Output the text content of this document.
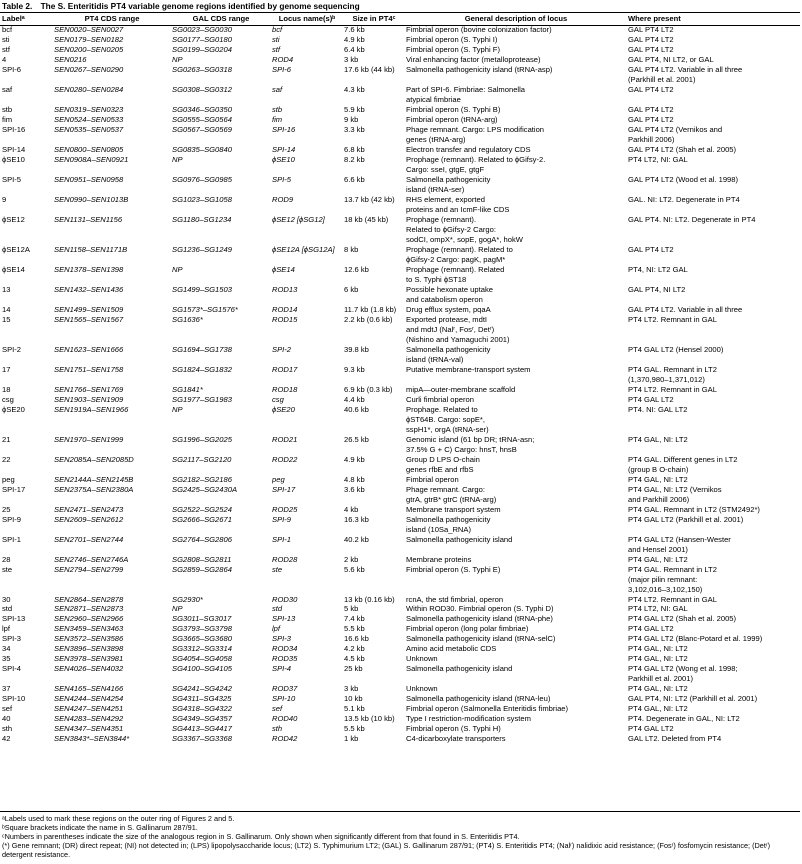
Table 2. The S. Enteritidis PT4 variable genome regions identified by genome sequencing
Labelᵃ	PT4 CDS range	GAL CDS range	Locus name(s)ᵇ	Size in PT4ᶜ	General description of locus	Where present
bcf	SEN0020–SEN0027	SG0023–SG0030	bcf	7.6 kb	Fimbrial operon (bovine colonization factor)	GAL PT4 LT2
sti	SEN0179–SEN0182	SG0177–SG0180	sti	4.9 kb	Fimbrial operon (S. Typhi I)	GAL PT4 LT2
stf	SEN0200–SEN0205	SG0199–SG0204	stf	6.4 kb	Fimbrial operon (S. Typhi F)	GAL PT4 LT2
4	SEN0216	NP	ROD4	3 kb	Viral enhancing factor (metalloprotease)	GAL PT4, NI LT2, or GAL
SPI-6	SEN0267–SEN0290	SG0263–SG0318	SPI-6	17.6 kb (44 kb)	Salmonella pathogenicity island (tRNA-asp)	GAL PT4 LT2. Variable in all three
						(Parkhill et al. 2001)
saf	SEN0280–SEN0284	SG0308–SG0312	saf	4.3 kb	Part of SPI-6. Fimbriae: Salmonella	GAL PT4 LT2
					atypical fimbriae	
stb	SEN0319–SEN0323	SG0346–SG0350	stb	5.9 kb	Fimbrial operon (S. Typhi B)	GAL PT4 LT2
fim	SEN0524–SEN0533	SG0555–SG0564	fim	9 kb	Fimbrial operon (tRNA-arg)	GAL PT4 LT2
SPI-16	SEN0535–SEN0537	SG0567–SG0569	SPI-16	3.3 kb	Phage remnant. Cargo: LPS modification	GAL PT4 LT2 (Vernikos and
					genes (tRNA-arg)	Parkhill 2006)
SPI-14	SEN0800–SEN0805	SG0835–SG0840	SPI-14	6.8 kb	Electron transfer and regulatory CDS	GAL PT4 LT2 (Shah et al. 2005)
ϕSE10	SEN0908A–SEN0921	NP	ϕSE10	8.2 kb	Prophage (remnant). Related to ϕGifsy-2.	PT4 LT2, NI: GAL
					Cargo: sseI, gtgE, gtgF	
SPI-5	SEN0951–SEN0958	SG0976–SG0985	SPI-5	6.6 kb	Salmonella pathogenicity	GAL PT4 LT2 (Wood et al. 1998)
					island (tRNA-ser)	
9	SEN0990–SEN1013B	SG1023–SG1058	ROD9	13.7 kb (42 kb)	RHS element, exported	GAL. NI: LT2. Degenerate in PT4
					proteins and an IcmF-like CDS	
ϕSE12	SEN1131–SEN1156	SG1180–SG1234	ϕSE12 [ϕSG12]	18 kb (45 kb)	Prophage (remnant).	GAL PT4. NI: LT2. Degenerate in PT4
					Related to ϕGifsy-2 Cargo:	
					sodCI, ompX*, sopE, gogA*, hokW	
ϕSE12A	SEN1158–SEN1171B	SG1236–SG1249	ϕSE12A [ϕSG12A]	8 kb	Prophage (remnant). Related to	GAL PT4 LT2
					ϕGifsy-2 Cargo: pagK, pagM*	
ϕSE14	SEN1378–SEN1398	NP	ϕSE14	12.6 kb	Prophage (remnant). Related	PT4, NI: LT2 GAL
					to S. Typhi ϕST18	
13	SEN1432–SEN1436	SG1499–SG1503	ROD13	6 kb	Possible hexonate uptake	GAL PT4, NI LT2
					and catabolism operon	
14	SEN1499–SEN1509	SG1573*–SG1576*	ROD14	11.7 kb (1.8 kb)	Drug efflux system, pqaA	GAL PT4 LT2. Variable in all three
15	SEN1565–SEN1567	SG1636*	ROD15	2.2 kb (0.6 kb)	Exported protease, mdtI	PT4 LT2. Remnant in GAL
					and mdtJ (Nalʳ, Fosʳ, Detʳ)	
					(Nishino and Yamaguchi 2001)	
SPI-2	SEN1623–SEN1666	SG1694–SG1738	SPI-2	39.8 kb	Salmonella pathogenicity	PT4 GAL LT2 (Hensel 2000)
					island (tRNA-val)	
17	SEN1751–SEN1758	SG1824–SG1832	ROD17	9.3 kb	Putative membrane-transport system	PT4 GAL. Remnant in LT2
						(1,370,980–1,371,012)
18	SEN1766–SEN1769	SG1841*	ROD18	6.9 kb (0.3 kb)	mipA—outer-membrane scaffold	PT4 LT2. Remnant in GAL
csg	SEN1903–SEN1909	SG1977–SG1983	csg	4.4 kb	Curli fimbrial operon	PT4 GAL LT2
ϕSE20	SEN1919A–SEN1966	NP	ϕSE20	40.6 kb	Prophage. Related to	PT4. NI: GAL LT2
					ϕST64B. Cargo: sopE*,	
					sspH1*, orgA (tRNA-ser)	
21	SEN1970–SEN1999	SG1996–SG2025	ROD21	26.5 kb	Genomic island (61 bp DR; tRNA-asn;	PT4 GAL, NI: LT2
					37.5% G + C) Cargo: hnsT, hnsB	
22	SEN2085A–SEN2085D	SG2117–SG2120	ROD22	4.9 kb	Group D LPS O-chain	PT4 GAL. Different genes in LT2
					genes rfbE and rfbS	(group B O-chain)
peg	SEN2144A–SEN2145B	SG2182–SG2186	peg	4.8 kb	Fimbrial operon	PT4 GAL, NI: LT2
SPI-17	SEN2375A–SEN2380A	SG2425–SG2430A	SPI-17	3.6 kb	Phage remnant. Cargo:	PT4 GAL, NI: LT2 (Vernikos
					gtrA, gtrB* gtrC (tRNA-arg)	and Parkhill 2006)
25	SEN2471–SEN2473	SG2522–SG2524	ROD25	4 kb	Membrane transport system	PT4 GAL. Remnant in LT2 (STM2492*)
SPI-9	SEN2609–SEN2612	SG2666–SG2671	SPI-9	16.3 kb	Salmonella pathogenicity	PT4 GAL LT2 (Parkhill et al. 2001)
					island (10Sa_RNA)	
SPI-1	SEN2701–SEN2744	SG2764–SG2806	SPI-1	40.2 kb	Salmonella pathogenicity island	PT4 GAL LT2 (Hansen-Wester
						and Hensel 2001)
28	SEN2746–SEN2746A	SG2808–SG2811	ROD28	2 kb	Membrane proteins	PT4 GAL, NI: LT2
ste	SEN2794–SEN2799	SG2859–SG2864	ste	5.6 kb	Fimbrial operon (S. Typhi E)	PT4 GAL. Remnant in LT2
						(major pilin remnant:
						3,102,016–3,102,150)
30	SEN2864–SEN2878	SG2930*	ROD30	13 kb (0.16 kb)	rcnA, the std fimbrial, operon	PT4 LT2. Remnant in GAL
std	SEN2871–SEN2873	NP	std	5 kb	Within ROD30. Fimbrial operon (S. Typhi D)	PT4 LT2, NI: GAL
SPI-13	SEN2960–SEN2966	SG3011–SG3017	SPI-13	7.4 kb	Salmonella pathogenicity island (tRNA-phe)	PT4 GAL LT2 (Shah et al. 2005)
lpf	SEN3459–SEN3463	SG3793–SG3798	lpf	5.5 kb	Fimbrial operon (long polar fimbriae)	PT4 GAL LT2
SPI-3	SEN3572–SEN3586	SG3665–SG3680	SPI-3	16.6 kb	Salmonella pathogenicity island (tRNA-selC)	PT4 GAL LT2 (Blanc-Potard et al. 1999)
34	SEN3896–SEN3898	SG3312–SG3314	ROD34	4.2 kb	Amino acid metabolic CDS	PT4 GAL, NI: LT2
35	SEN3978–SEN3981	SG4054–SG4058	ROD35	4.5 kb	Unknown	PT4 GAL, NI: LT2
SPI-4	SEN4026–SEN4032	SG4100–SG4105	SPI-4	25 kb	Salmonella pathogenicity island	PT4 GAL LT2 (Wong et al. 1998;
						Parkhill et al. 2001)
37	SEN4165–SEN4166	SG4241–SG4242	ROD37	3 kb	Unknown	PT4 GAL, NI: LT2
SPI-10	SEN4244–SEN4254	SG4311–SG4325	SPI-10	10 kb	Salmonella pathogenicity island (tRNA-leu)	GAL PT4, NI: LT2 (Parkhill et al. 2001)
sef	SEN4247–SEN4251	SG4318–SG4322	sef	5.1 kb	Fimbrial operon (Salmonella Enteritidis fimbriae)	PT4 GAL, NI: LT2
40	SEN4283–SEN4292	SG4349–SG4357	ROD40	13.5 kb (10 kb)	Type I restriction-modification system	PT4. Degenerate in GAL, NI: LT2
sth	SEN4347–SEN4351	SG4413–SG4417	sth	5.5 kb	Fimbrial operon (S. Typhi H)	PT4 GAL LT2
42	SEN3843*–SEN3844*	SG3367–SG3368	ROD42	1 kb	C4-dicarboxylate transporters	GAL LT2. Deleted from PT4
ᵃLabels used to mark these regions on the outer ring of Figures 2 and 5.
ᵇSquare brackets indicate the name in S. Gallinarum 287/91.
ᶜNumbers in parentheses indicate the size of the analogous region in S. Gallinarum. Only shown when significantly different from that found in S. Enteritidis PT4.
(*) Gene remnant; (DR) direct repeat; (NI) not detected in; (LPS) lipopolysaccharide locus; (LT2) S. Typhimurium LT2; (GAL) S. Gallinarum 287/91; (PT4) S. Enteritidis PT4; (Nalʳ) nalidixic acid resistance; (Fosʳ) fosfomycin resistance; (Detʳ) detergent resistance.
